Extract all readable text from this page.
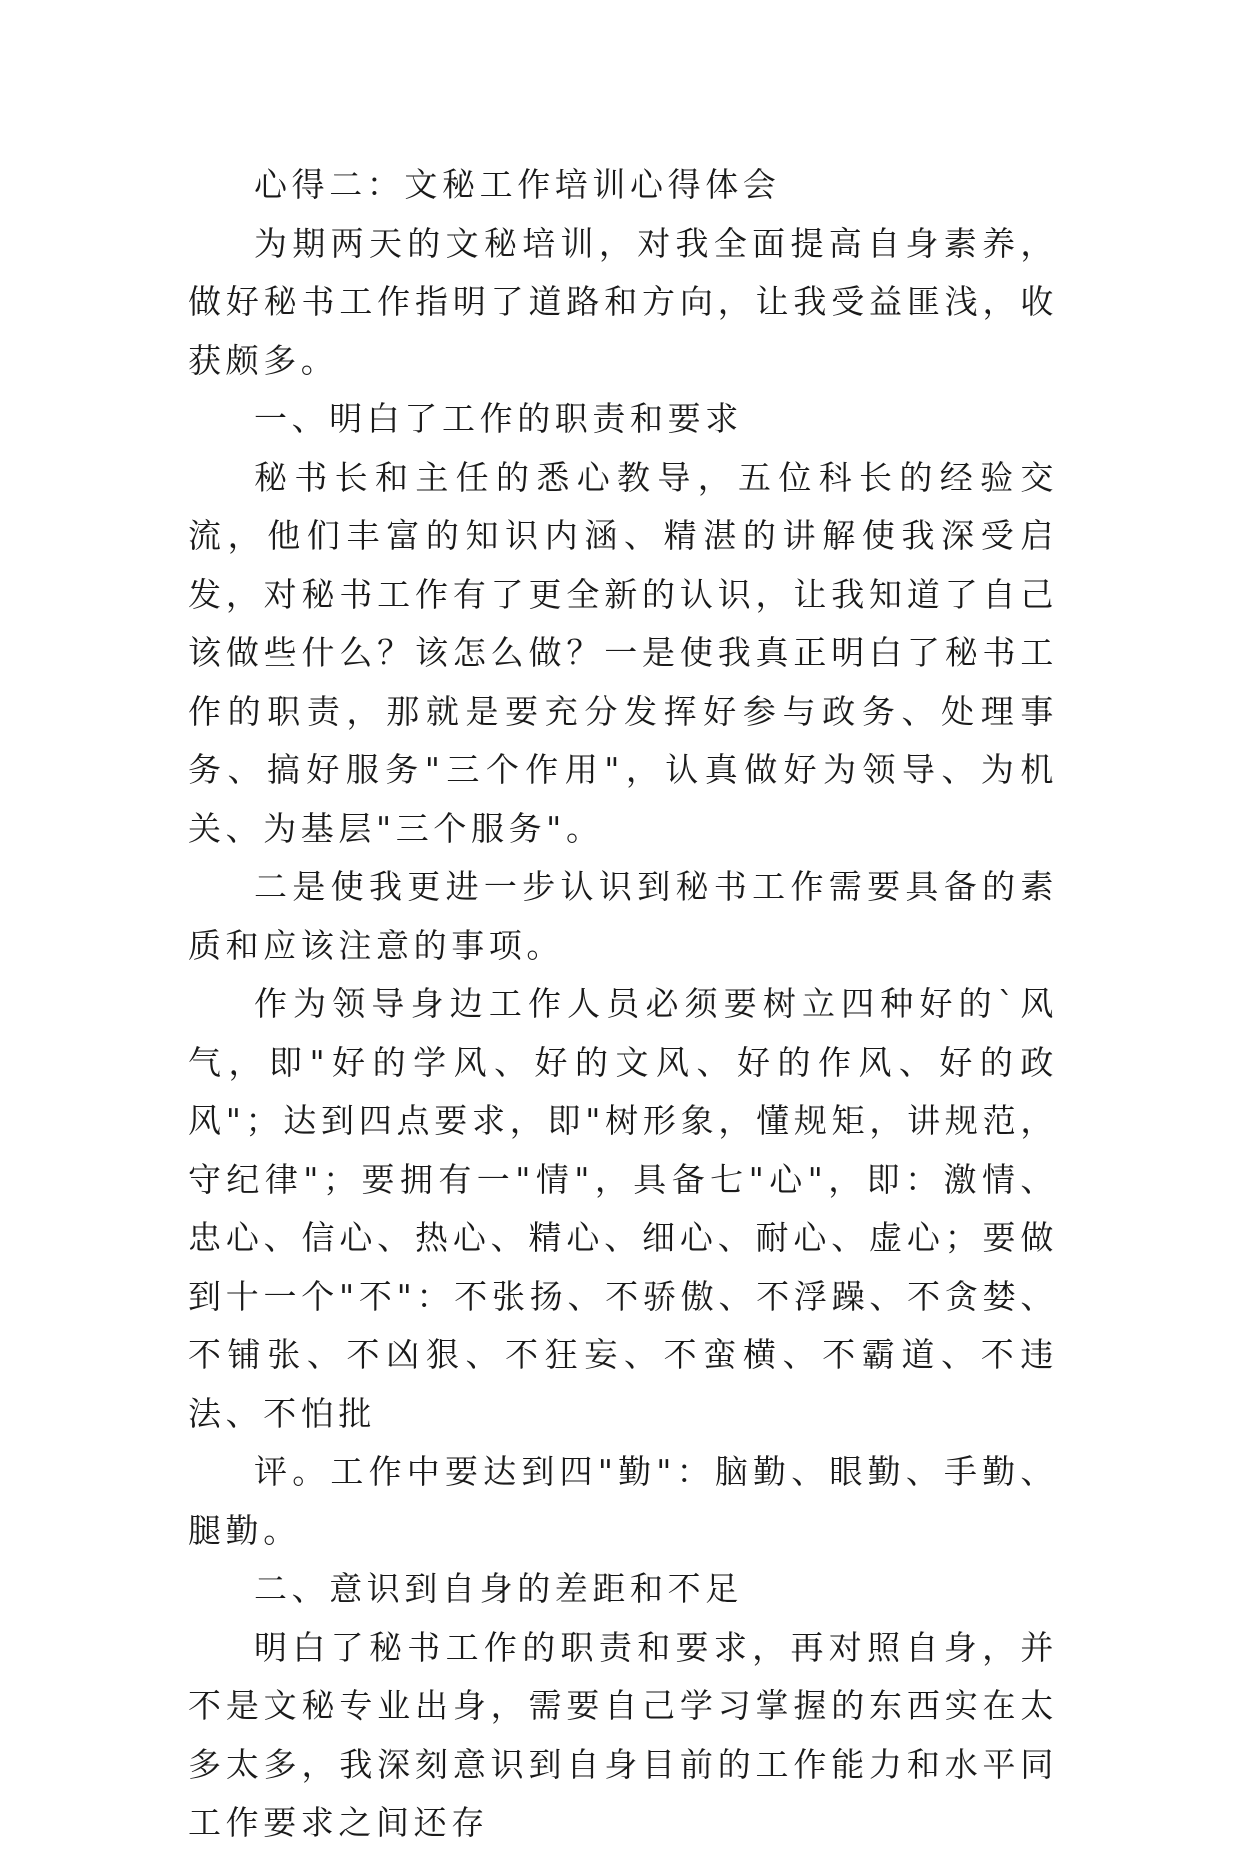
心得二：文秘工作培训心得体会

为期两天的文秘培训，对我全面提高自身素养，做好秘书工作指明了道路和方向，让我受益匪浅，收获颇多。

一、明白了工作的职责和要求

秘书长和主任的悉心教导，五位科长的经验交流，他们丰富的知识内涵、精湛的讲解使我深受启发，对秘书工作有了更全新的认识，让我知道了自己该做些什么？该怎么做？一是使我真正明白了秘书工作的职责，那就是要充分发挥好参与政务、处理事务、搞好服务"三个作用"，认真做好为领导、为机关、为基层"三个服务"。

二是使我更进一步认识到秘书工作需要具备的素质和应该注意的事项。

作为领导身边工作人员必须要树立四种好的`风气，即"好的学风、好的文风、好的作风、好的政风"；达到四点要求，即"树形象，懂规矩，讲规范，守纪律"；要拥有一"情"，具备七"心"，即：激情、忠心、信心、热心、精心、细心、耐心、虚心；要做到十一个"不"：不张扬、不骄傲、不浮躁、不贪婪、不铺张、不凶狠、不狂妄、不蛮横、不霸道、不违法、不怕批

评。工作中要达到四"勤"：脑勤、眼勤、手勤、腿勤。

二、意识到自身的差距和不足

明白了秘书工作的职责和要求，再对照自身，并不是文秘专业出身，需要自己学习掌握的东西实在太多太多，我深刻意识到自身目前的工作能力和水平同工作要求之间还存
